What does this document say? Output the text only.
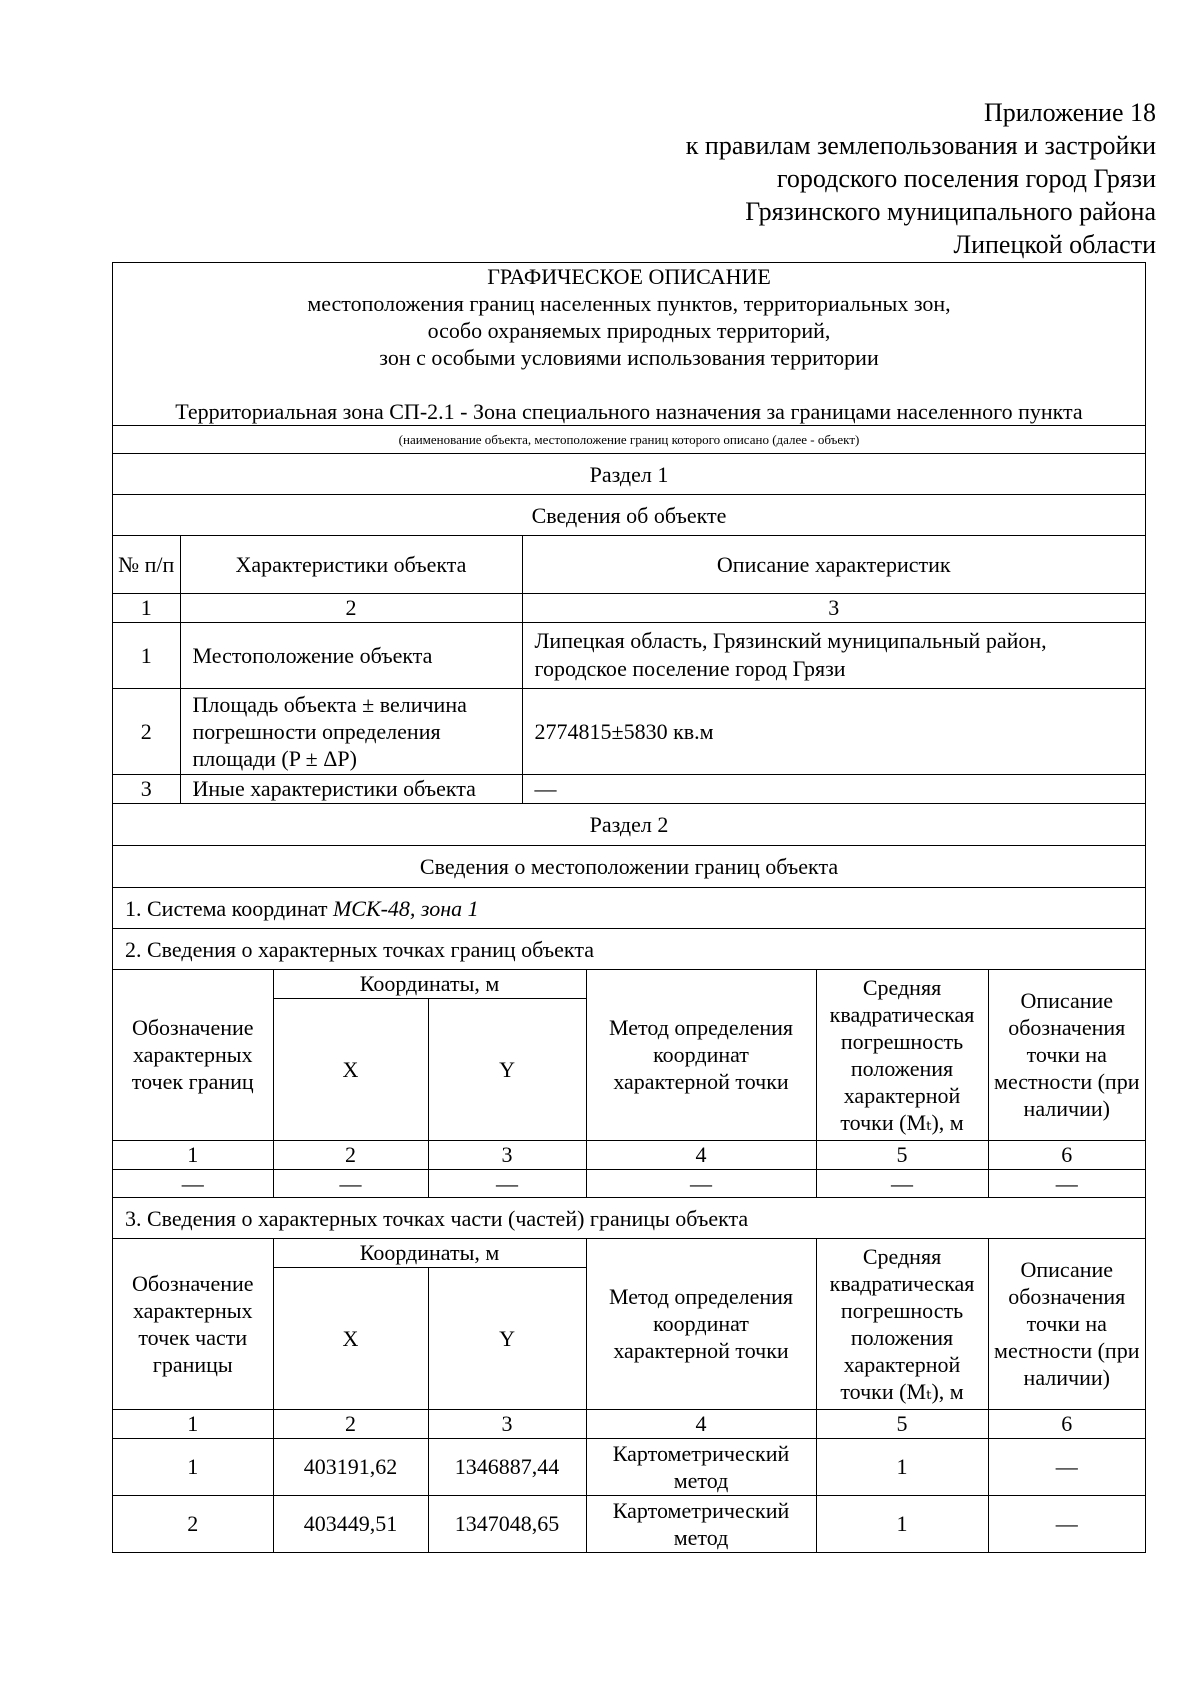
Приложение 18
к правилам землепользования и застройки
городского поселения город Грязи
Грязинского муниципального района
Липецкой области
ГРАФИЧЕСКОЕ ОПИСАНИЕ
местоположения границ населенных пунктов, территориальных зон,
особо охраняемых природных территорий,
зон с особыми условиями использования территории
Территориальная зона СП-2.1 - Зона специального назначения за границами населенного пункта

(наименование объекта, местоположение границ которого описано (далее - объект)
Раздел 1
Сведения об объекте

№ п/п	Характеристики объекта	Описание характеристик
1	2	3
1	Местоположение объекта	Липецкая область, Грязинский муниципальный район, городское поселение город Грязи
2	Площадь объекта ± величина погрешности определения площади (P ± ΔP)	2774815±5830 кв.м
3	Иные характеристики объекта	—

Раздел 2
Сведения о местоположении границ объекта
1. Система координат МСК-48, зона 1
2. Сведения о характерных точках границ объекта

Обозначение характерных точек границ	Координаты, м	Метод определения координат характерной точки	Средняя квадратическая погрешность положения характерной точки (Mₜ), м	Описание обозначения точки на местности (при наличии)
X	Y
1	2	3	4	5	6
—	—	—	—	—	—

3. Сведения о характерных точках части (частей) границы объекта

Обозначение характерных точек части границы	Координаты, м	Метод определения координат характерной точки	Средняя квадратическая погрешность положения характерной точки (Mₜ), м	Описание обозначения точки на местности (при наличии)
X	Y
1	2	3	4	5	6
1	403191,62	1346887,44	Картометрический метод	1	—
2	403449,51	1347048,65	Картометрический метод	1	—
